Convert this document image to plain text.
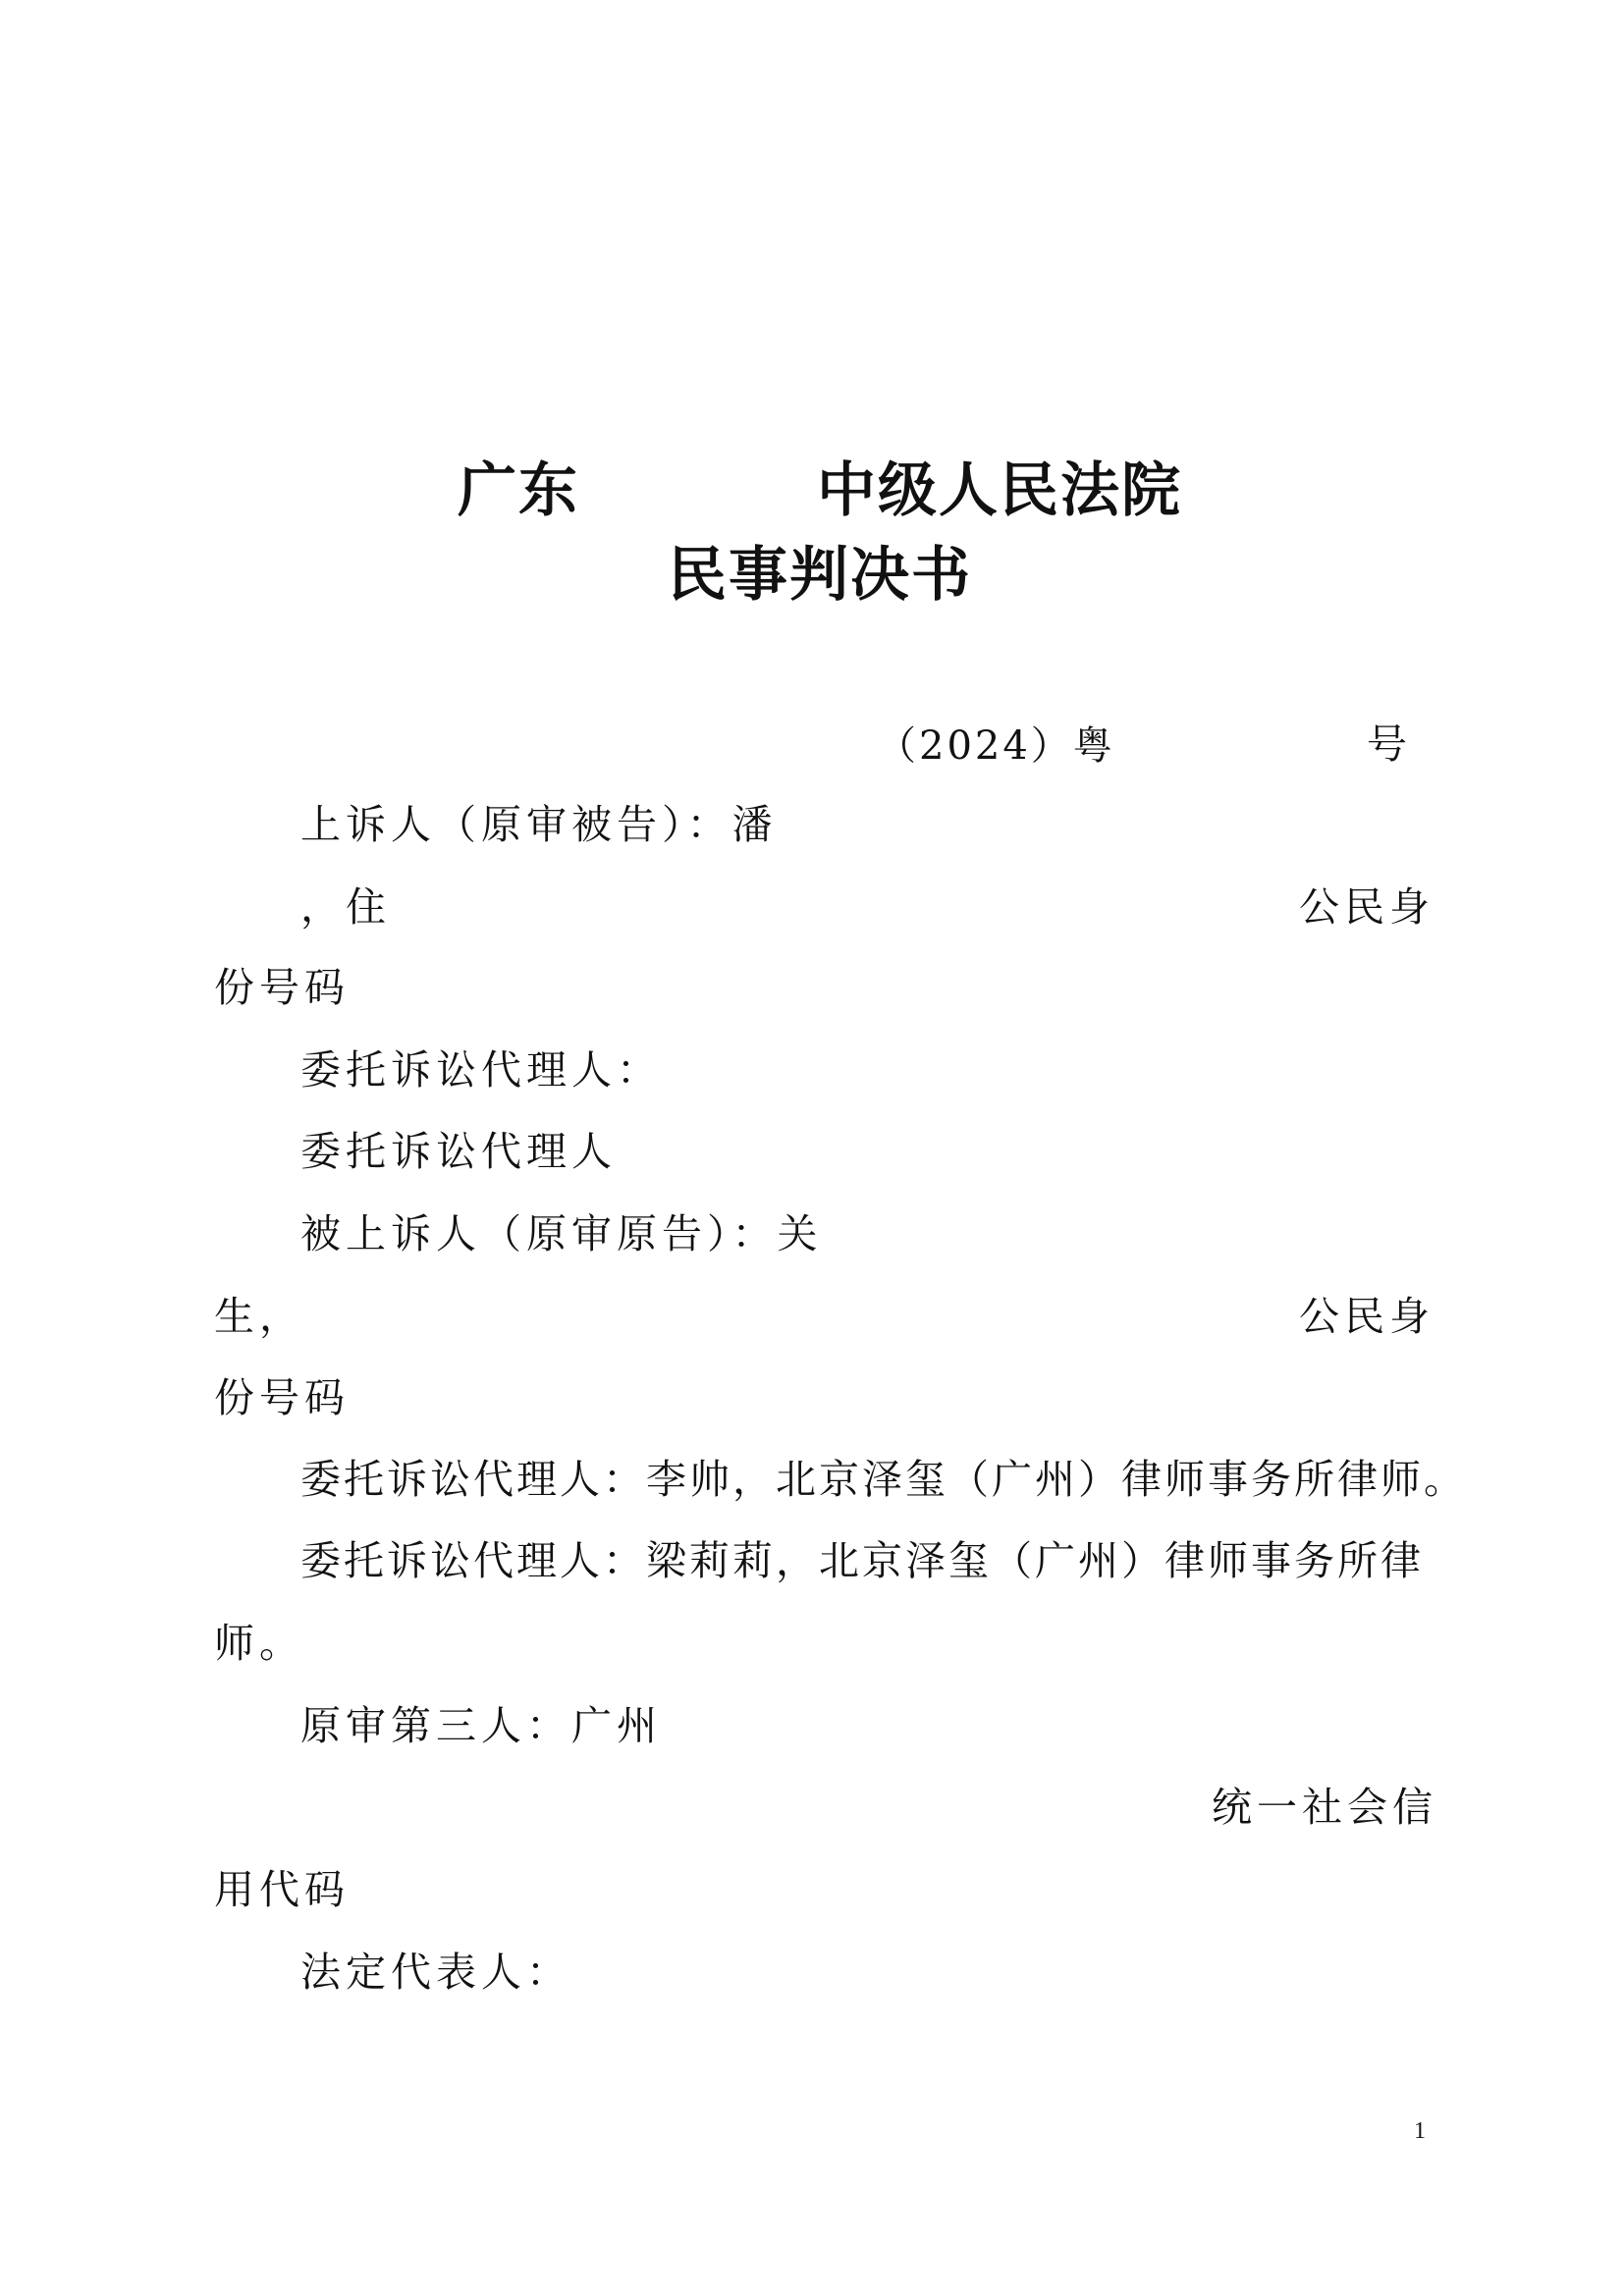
广东	中级人民法院
民事判决书
（2024）粤	号
上诉人（原审被告）：潘
，住	公民身
份号码
委托诉讼代理人：
委托诉讼代理人
被上诉人（原审原告）：关
生，	公民身
份号码
委托诉讼代理人：李帅，北京泽玺（广州）律师事务所律师。
委托诉讼代理人：梁莉莉，北京泽玺（广州）律师事务所律
师。
原审第三人：广州
统一社会信
用代码
法定代表人：
1
